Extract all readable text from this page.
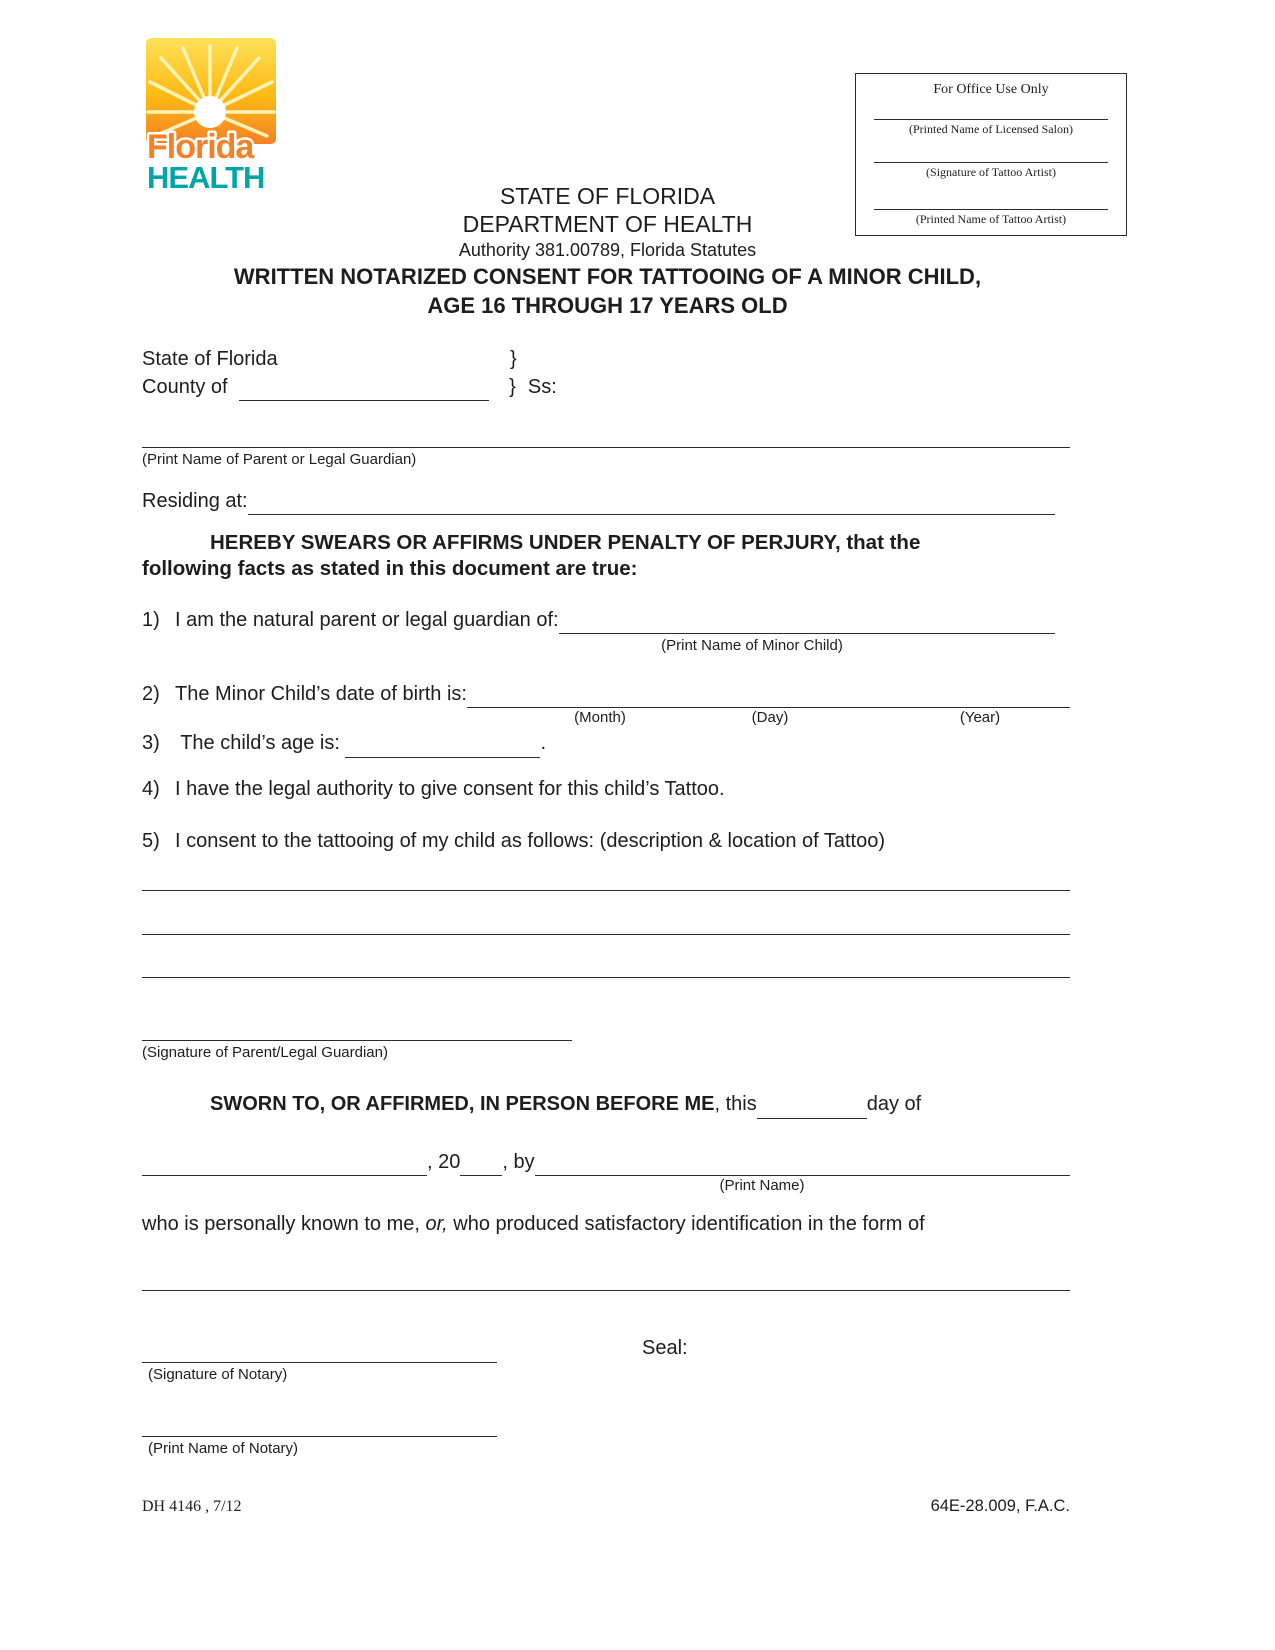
Florida
HEALTH
For Office Use Only
(Printed Name of Licensed Salon)
(Signature of Tattoo Artist)
(Printed Name of Tattoo Artist)
STATE OF FLORIDA
DEPARTMENT OF HEALTH
Authority 381.00789, Florida Statutes
WRITTEN NOTARIZED CONSENT FOR TATTOOING OF A MINOR CHILD,
AGE 16 THROUGH 17 YEARS OLD
State of Florida	}
County of	} Ss:
(Print Name of Parent or Legal Guardian)
Residing at:
HEREBY SWEARS OR AFFIRMS UNDER PENALTY OF PERJURY, that the
following facts as stated in this document are true:
1) I am the natural parent or legal guardian of:
(Print Name of Minor Child)
2) The Minor Child’s date of birth is:
(Month)	(Day)	(Year)
3) The child’s age is:	.
4) I have the legal authority to give consent for this child’s Tattoo.
5) I consent to the tattooing of my child as follows: (description & location of Tattoo)
(Signature of Parent/Legal Guardian)
SWORN TO, OR AFFIRMED, IN PERSON BEFORE ME, this	day of
, 20 , by
(Print Name)
who is personally known to me, or, who produced satisfactory identification in the form of
Seal:
(Signature of Notary)
(Print Name of Notary)
DH 4146 , 7/12	64E-28.009, F.A.C.
